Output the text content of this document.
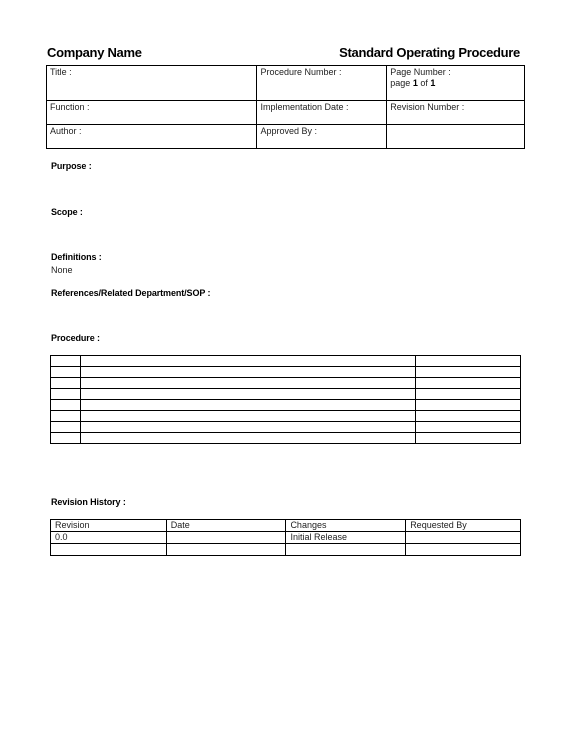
Company Name	Standard Operating Procedure
Title :	Procedure Number :	Page Number :
page 1 of 1
Function :	Implementation Date :	Revision Number :
Author :	Approved By :	
Purpose :
Scope :
Definitions :
None
References/Related Department/SOP :
Procedure :

Revision History :
Revision	Date	Changes	Requested By
0.0		Initial Release	
